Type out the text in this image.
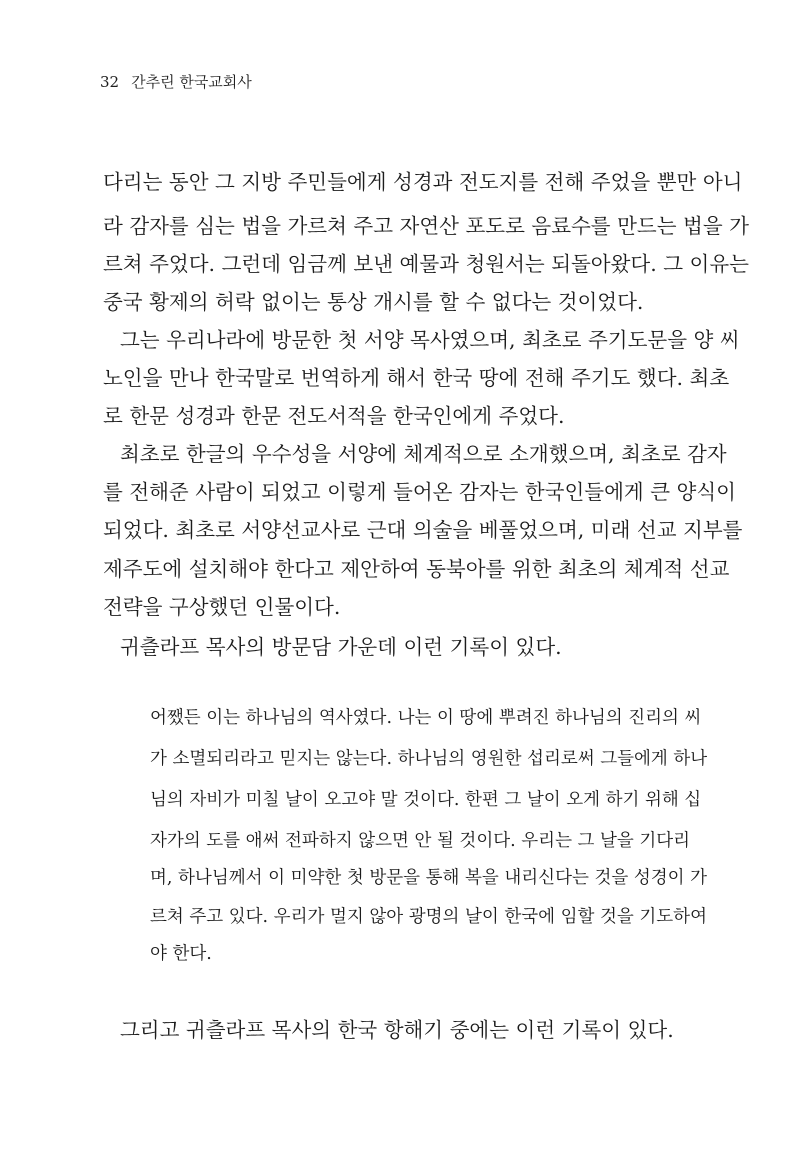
32 간추린 한국교회사
다리는 동안 그 지방 주민들에게 성경과 전도지를 전해 주었을 뿐만 아니
라 감자를 심는 법을 가르쳐 주고 자연산 포도로 음료수를 만드는 법을 가
르쳐 주었다. 그런데 임금께 보낸 예물과 청원서는 되돌아왔다. 그 이유는
중국 황제의 허락 없이는 통상 개시를 할 수 없다는 것이었다.
그는 우리나라에 방문한 첫 서양 목사였으며, 최초로 주기도문을 양 씨
노인을 만나 한국말로 번역하게 해서 한국 땅에 전해 주기도 했다. 최초
로 한문 성경과 한문 전도서적을 한국인에게 주었다.
최초로 한글의 우수성을 서양에 체계적으로 소개했으며, 최초로 감자
를 전해준 사람이 되었고 이렇게 들어온 감자는 한국인들에게 큰 양식이
되었다. 최초로 서양선교사로 근대 의술을 베풀었으며, 미래 선교 지부를
제주도에 설치해야 한다고 제안하여 동북아를 위한 최초의 체계적 선교
전략을 구상했던 인물이다.
귀츨라프 목사의 방문담 가운데 이런 기록이 있다.
어쨌든 이는 하나님의 역사였다. 나는 이 땅에 뿌려진 하나님의 진리의 씨
가 소멸되리라고 믿지는 않는다. 하나님의 영원한 섭리로써 그들에게 하나
님의 자비가 미칠 날이 오고야 말 것이다. 한편 그 날이 오게 하기 위해 십
자가의 도를 애써 전파하지 않으면 안 될 것이다. 우리는 그 날을 기다리
며, 하나님께서 이 미약한 첫 방문을 통해 복을 내리신다는 것을 성경이 가
르쳐 주고 있다. 우리가 멀지 않아 광명의 날이 한국에 임할 것을 기도하여
야 한다.
그리고 귀츨라프 목사의 한국 항해기 중에는 이런 기록이 있다.
